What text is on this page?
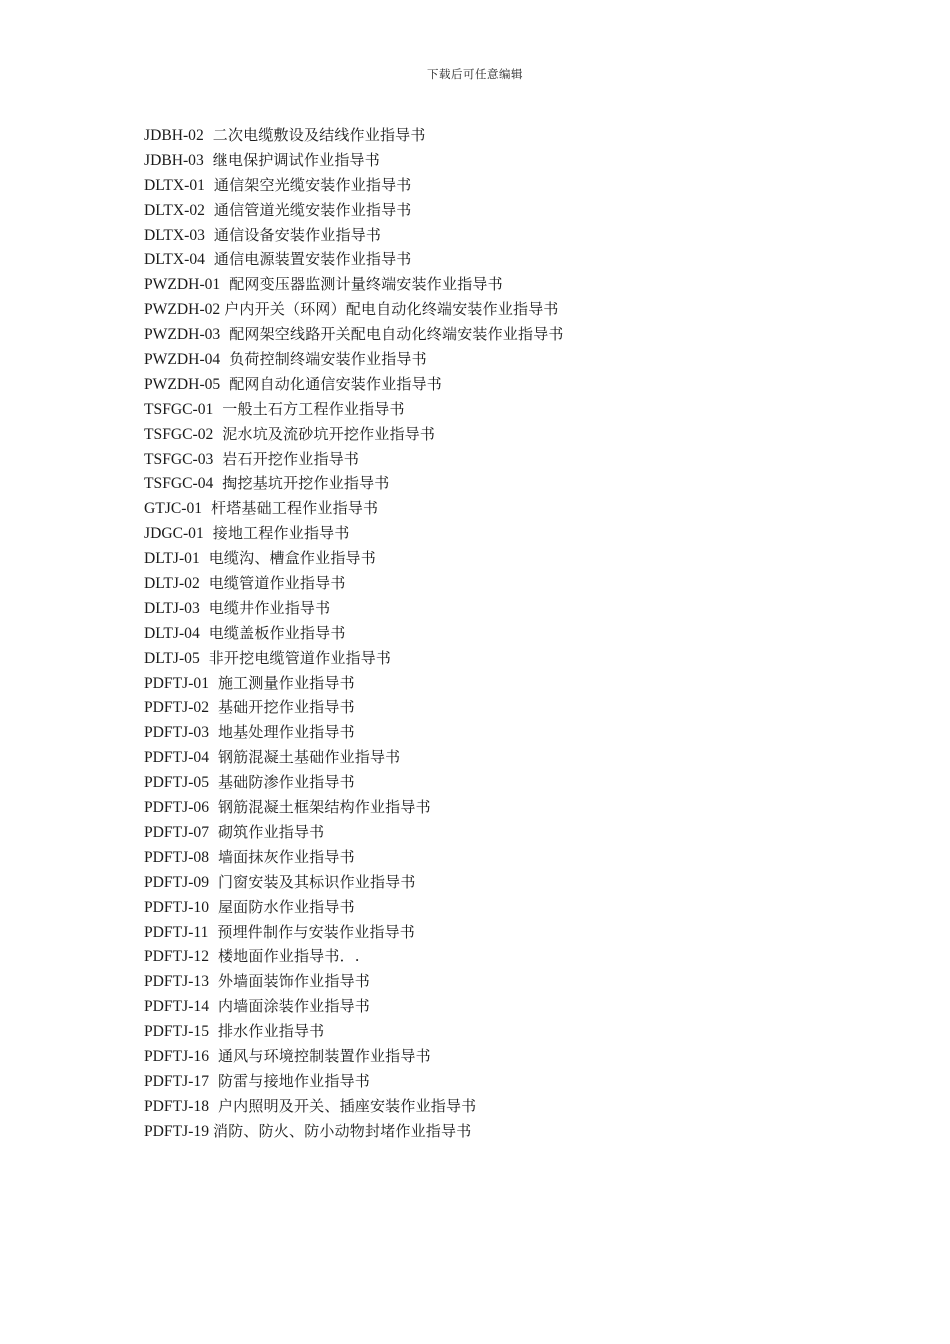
下载后可任意编辑
JDBH-02 二次电缆敷设及结线作业指导书
JDBH-03 继电保护调试作业指导书
DLTX-01 通信架空光缆安装作业指导书
DLTX-02 通信管道光缆安装作业指导书
DLTX-03 通信设备安装作业指导书
DLTX-04 通信电源装置安装作业指导书
PWZDH-01 配网变压器监测计量终端安装作业指导书
PWZDH-02 户内开关（环网）配电自动化终端安装作业指导书
PWZDH-03 配网架空线路开关配电自动化终端安装作业指导书
PWZDH-04 负荷控制终端安装作业指导书
PWZDH-05 配网自动化通信安装作业指导书
TSFGC-01 一般土石方工程作业指导书
TSFGC-02 泥水坑及流砂坑开挖作业指导书
TSFGC-03 岩石开挖作业指导书
TSFGC-04 掏挖基坑开挖作业指导书
GTJC-01 杆塔基础工程作业指导书
JDGC-01 接地工程作业指导书
DLTJ-01 电缆沟、槽盒作业指导书
DLTJ-02 电缆管道作业指导书
DLTJ-03 电缆井作业指导书
DLTJ-04 电缆盖板作业指导书
DLTJ-05 非开挖电缆管道作业指导书
PDFTJ-01 施工测量作业指导书
PDFTJ-02 基础开挖作业指导书
PDFTJ-03 地基处理作业指导书
PDFTJ-04 钢筋混凝土基础作业指导书
PDFTJ-05 基础防渗作业指导书
PDFTJ-06 钢筋混凝土框架结构作业指导书
PDFTJ-07 砌筑作业指导书
PDFTJ-08 墙面抹灰作业指导书
PDFTJ-09 门窗安装及其标识作业指导书
PDFTJ-10 屋面防水作业指导书
PDFTJ-11 预埋件制作与安装作业指导书
PDFTJ-12 楼地面作业指导书．.
PDFTJ-13 外墙面装饰作业指导书
PDFTJ-14 内墙面涂装作业指导书
PDFTJ-15 排水作业指导书
PDFTJ-16 通风与环境控制装置作业指导书
PDFTJ-17 防雷与接地作业指导书
PDFTJ-18 户内照明及开关、插座安装作业指导书
PDFTJ-19 消防、防火、防小动物封堵作业指导书
